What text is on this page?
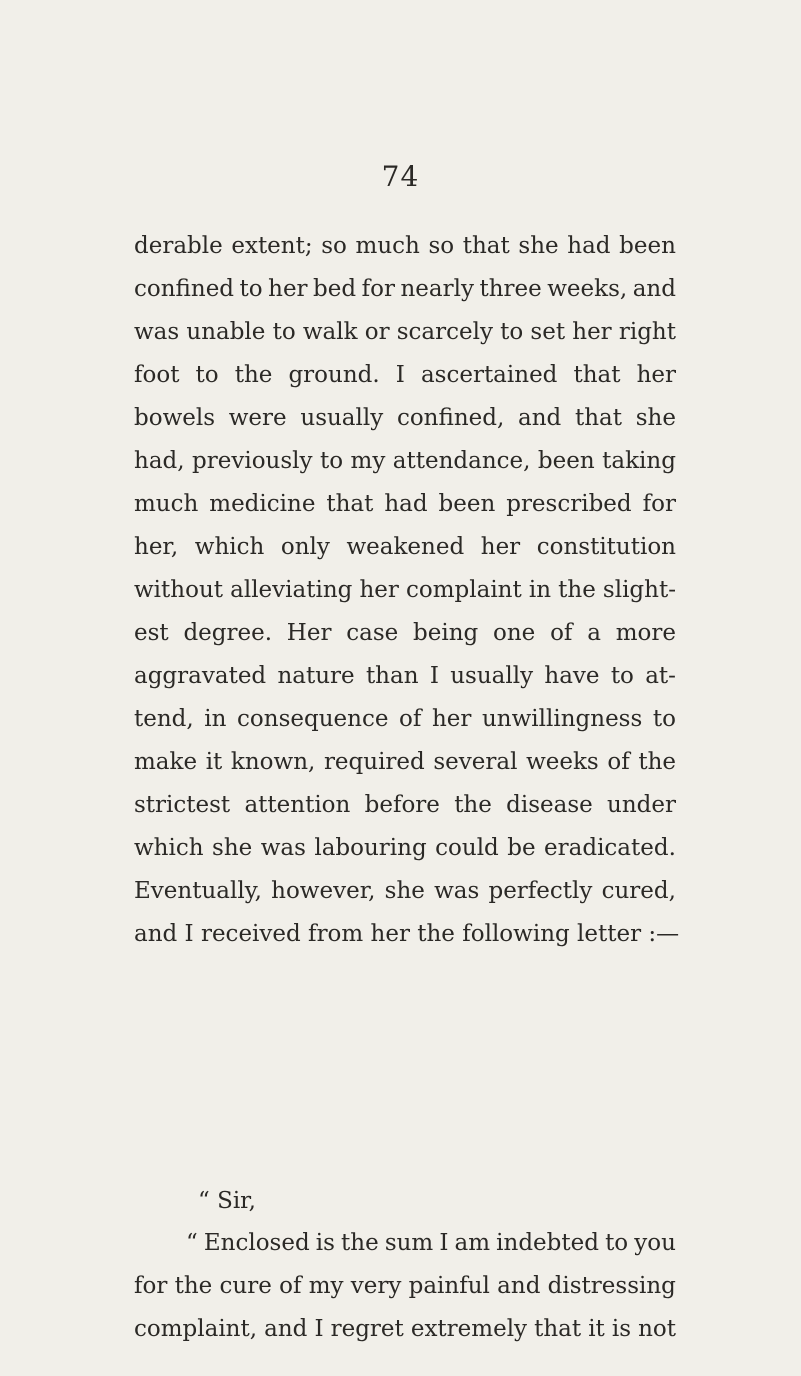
74
derable extent; so much so that she had been
confined to her bed for nearly three weeks, and
was unable to walk or scarcely to set her right
foot to the ground. I ascertained that her
bowels were usually confined, and that she
had, previously to my attendance, been taking
much medicine that had been prescribed for
her, which only weakened her constitution
without alleviating her complaint in the slight-
est degree. Her case being one of a more
aggravated nature than I usually have to at-
tend, in consequence of her unwillingness to
make it known, required several weeks of the
strictest attention before the disease under
which she was labouring could be eradicated.
Eventually, however, she was perfectly cured,
and I received from her the following letter :—
“ Sir,
“ Enclosed is the sum I am indebted to you
for the cure of my very painful and distressing
complaint, and I regret extremely that it is not
